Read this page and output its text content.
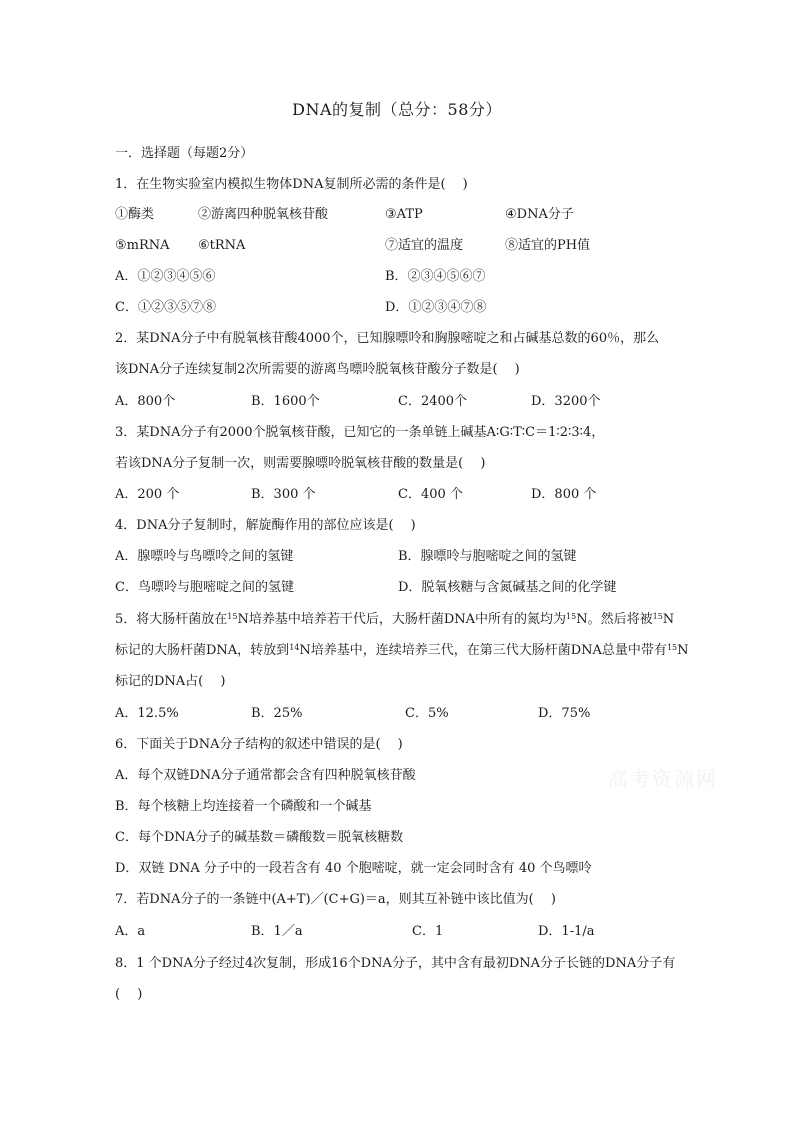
DNA的复制（总分：58分）
一．选择题（每题2分）
1．在生物实验室内模拟生物体DNA复制所必需的条件是(　 )
①酶类	②游离四种脱氧核苷酸	③ATP	④DNA分子
⑤mRNA ⑥tRNA	⑦适宜的温度	⑧适宜的PH值
A．①②③④⑤⑥	B．②③④⑤⑥⑦
C．①②③⑤⑦⑧	D．①②③④⑦⑧
2．某DNA分子中有脱氧核苷酸4000个，已知腺嘌呤和胸腺嘧啶之和占碱基总数的60％，那么
该DNA分子连续复制2次所需要的游离鸟嘌呤脱氧核苷酸分子数是(　 )
A．800个	B．1600个	C．2400个	D．3200个
3．某DNA分子有2000个脱氧核苷酸，已知它的一条单链上碱基A∶G∶T∶C＝1∶2∶3∶4，
若该DNA分子复制一次，则需要腺嘌呤脱氧核苷酸的数量是(　 )
A．200 个	B．300 个	C．400 个	D．800 个
4．DNA分子复制时，解旋酶作用的部位应该是(　 )
A．腺嘌呤与鸟嘌呤之间的氢键	B．腺嘌呤与胞嘧啶之间的氢键
C．鸟嘌呤与胞嘧啶之间的氢键	D．脱氧核糖与含氮碱基之间的化学键
5．将大肠杆菌放在$^{15}$N培养基中培养若干代后，大肠杆菌DNA中所有的氮均为$^{15}$N。然后将被$^{15}$N
标记的大肠杆菌DNA，转放到$^{14}$N培养基中，连续培养三代，在第三代大肠杆菌DNA总量中带有$^{15}$N
标记的DNA占(　 )
A．12.5%	B．25%	C．5%	D．75%
6．下面关于DNA分子结构的叙述中错误的是(　 )
A．每个双链DNA分子通常都会含有四种脱氧核苷酸
B．每个核糖上均连接着一个磷酸和一个碱基
C．每个DNA分子的碱基数＝磷酸数＝脱氧核糖数
D．双链 DNA 分子中的一段若含有 40 个胞嘧啶，就一定会同时含有 40 个鸟嘌呤
7．若DNA分子的一条链中(A+T)／(C+G)＝a，则其互补链中该比值为(　 )
A．a	B．1／a	C．1	D．1-1/a
8．1 个DNA分子经过4次复制，形成16个DNA分子，其中含有最初DNA分子长链的DNA分子有
(　 )
高考资源网
